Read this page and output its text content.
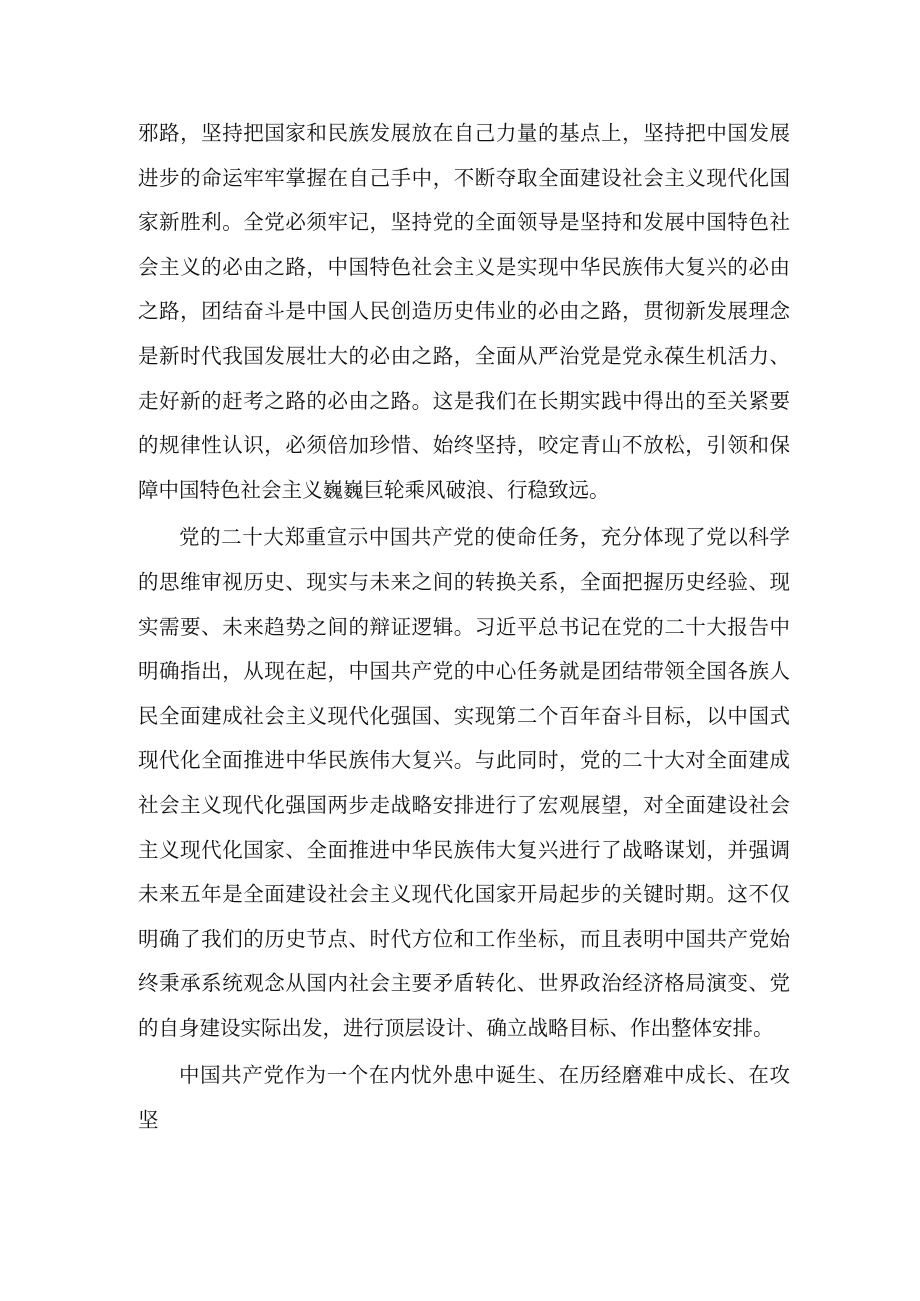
邪路，坚持把国家和民族发展放在自己力量的基点上，坚持把中国发展进步的命运牢牢掌握在自己手中，不断夺取全面建设社会主义现代化国家新胜利。全党必须牢记，坚持党的全面领导是坚持和发展中国特色社会主义的必由之路，中国特色社会主义是实现中华民族伟大复兴的必由之路，团结奋斗是中国人民创造历史伟业的必由之路，贯彻新发展理念是新时代我国发展壮大的必由之路，全面从严治党是党永葆生机活力、走好新的赶考之路的必由之路。这是我们在长期实践中得出的至关紧要的规律性认识，必须倍加珍惜、始终坚持，咬定青山不放松，引领和保障中国特色社会主义巍巍巨轮乘风破浪、行稳致远。

党的二十大郑重宣示中国共产党的使命任务，充分体现了党以科学的思维审视历史、现实与未来之间的转换关系，全面把握历史经验、现实需要、未来趋势之间的辩证逻辑。习近平总书记在党的二十大报告中明确指出，从现在起，中国共产党的中心任务就是团结带领全国各族人民全面建成社会主义现代化强国、实现第二个百年奋斗目标，以中国式现代化全面推进中华民族伟大复兴。与此同时，党的二十大对全面建成社会主义现代化强国两步走战略安排进行了宏观展望，对全面建设社会主义现代化国家、全面推进中华民族伟大复兴进行了战略谋划，并强调未来五年是全面建设社会主义现代化国家开局起步的关键时期。这不仅明确了我们的历史节点、时代方位和工作坐标，而且表明中国共产党始终秉承系统观念从国内社会主要矛盾转化、世界政治经济格局演变、党的自身建设实际出发，进行顶层设计、确立战略目标、作出整体安排。

中国共产党作为一个在内忧外患中诞生、在历经磨难中成长、在攻坚
